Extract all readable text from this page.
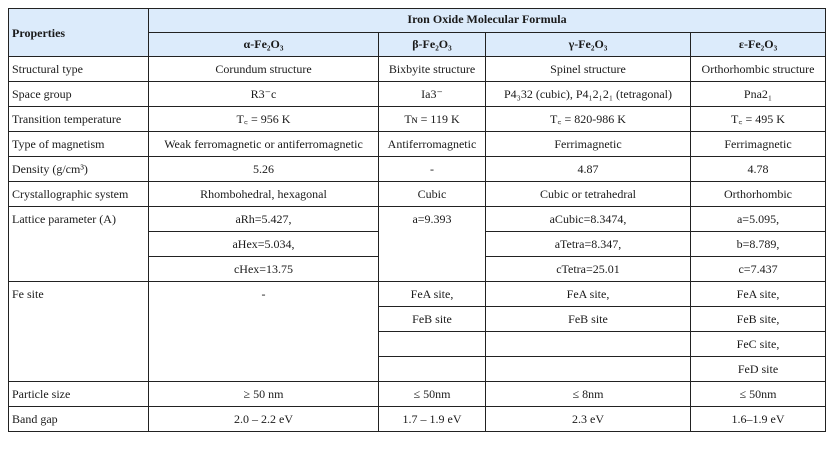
Properties	Iron Oxide Molecular Formula			
	α-Fe₂O₃	β-Fe₂O₃	γ-Fe₂O₃	ε-Fe₂O₃
Structural type	Corundum structure	Bixbyite structure	Spinel structure	Orthorhombic structure
Space group	R3⁻c	Ia3⁻	P4₃32 (cubic), P4₁2₁2₁ (tetragonal)	Pna2₁
Transition temperature	T꜀ = 956 K	Tɴ = 119 K	T꜀ = 820-986 K	T꜀ = 495 K
Type of magnetism	Weak ferromagnetic or antiferromagnetic	Antiferromagnetic	Ferrimagnetic	Ferrimagnetic
Density (g/cm³)	5.26	-	4.87	4.78
Crystallographic system	Rhombohedral, hexagonal	Cubic	Cubic or tetrahedral	Orthorhombic
Lattice parameter (A)	aRh=5.427,	a=9.393	aCubic=8.3474,	a=5.095,
	aHex=5.034,		aTetra=8.347,	b=8.789,
	cHex=13.75		cTetra=25.01	c=7.437
Fe site	-	FeA site,	FeA site,	FeA site,
		FeB site	FeB site	FeB site,
				FeC site,
				FeD site
Particle size	≥ 50 nm	≤ 50nm	≤ 8nm	≤ 50nm
Band gap	2.0 – 2.2 eV	1.7 – 1.9 eV	2.3 eV	1.6–1.9 eV
